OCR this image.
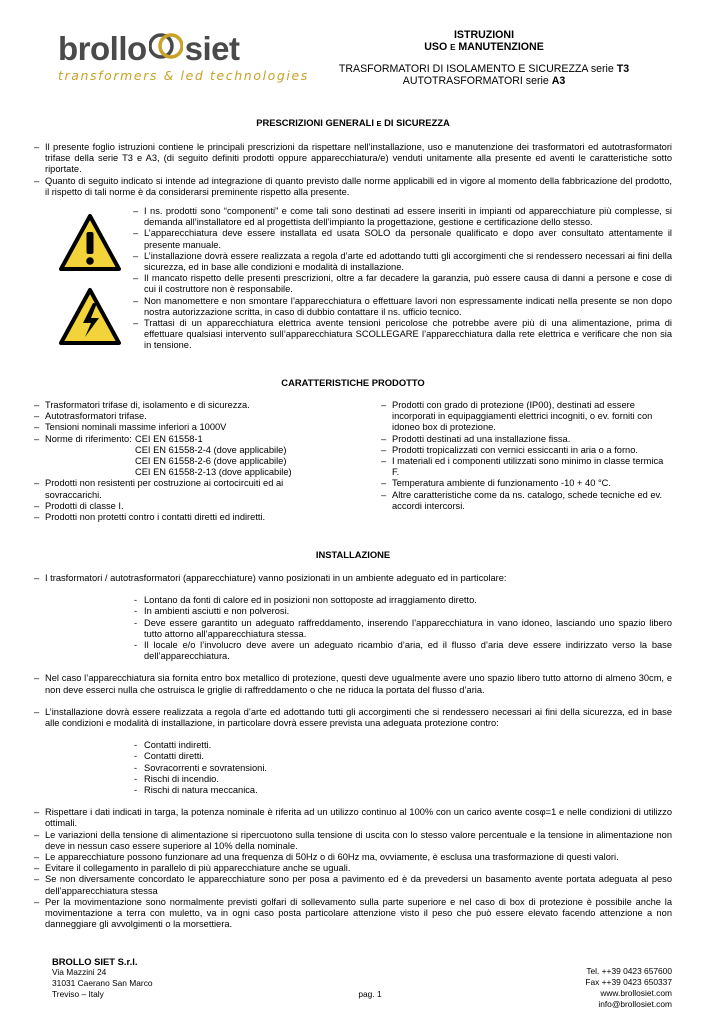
brollo siet
transformers & led technologies
ISTRUZIONI
USO E MANUTENZIONE
TRASFORMATORI DI ISOLAMENTO E SICUREZZA serie T3
AUTOTRASFORMATORI serie A3
PRESCRIZIONI GENERALI E DI SICUREZZA
– Il presente foglio istruzioni contiene le principali prescrizioni da rispettare nell’installazione, uso e manutenzione dei trasformatori ed autotrasformatori trifase della serie T3 e A3, (di seguito definiti prodotti oppure apparecchiatura/e) venduti unitamente alla presente ed aventi le caratteristiche sotto riportate.
– Quanto di seguito indicato si intende ad integrazione di quanto previsto dalle norme applicabili ed in vigore al momento della fabbricazione del prodotto, il rispetto di tali norme è da considerarsi preminente rispetto alla presente.
– I ns. prodotti sono “componenti” e come tali sono destinati ad essere inseriti in impianti od apparecchiature più complesse, si demanda all’installatore ed al progettista dell’impianto la progettazione, gestione e certificazione dello stesso.
– L’apparecchiatura deve essere installata ed usata SOLO da personale qualificato e dopo aver consultato attentamente il presente manuale.
– L’installazione dovrà essere realizzata a regola d’arte ed adottando tutti gli accorgimenti che si rendessero necessari ai fini della sicurezza, ed in base alle condizioni e modalità di installazione.
– Il mancato rispetto delle presenti prescrizioni, oltre a far decadere la garanzia, può essere causa di danni a persone e cose di cui il costruttore non è responsabile.
– Non manomettere e non smontare l’apparecchiatura o effettuare lavori non espressamente indicati nella presente se non dopo nostra autorizzazione scritta, in caso di dubbio contattare il ns. ufficio tecnico.
– Trattasi di un apparecchiatura elettrica avente tensioni pericolose che potrebbe avere più di una alimentazione, prima di effettuare qualsiasi intervento sull’apparecchiatura SCOLLEGARE l’apparecchiatura dalla rete elettrica e verificare che non sia in tensione.
CARATTERISTICHE PRODOTTO
– Trasformatori trifase di, isolamento e di sicurezza.
– Autotrasformatori trifase.
– Tensioni nominali massime inferiori a 1000V
– Norme di riferimento: CEI EN 61558-1
CEI EN 61558-2-4 (dove applicabile)
CEI EN 61558-2-6 (dove applicabile)
CEI EN 61558-2-13 (dove applicabile)
– Prodotti non resistenti per costruzione ai cortocircuiti ed ai sovraccarichi.
– Prodotti di classe I.
– Prodotti non protetti contro i contatti diretti ed indiretti.
– Prodotti con grado di protezione (IP00), destinati ad essere incorporati in equipaggiamenti elettrici incogniti, o ev. forniti con idoneo box di protezione.
– Prodotti destinati ad una installazione fissa.
– Prodotti tropicalizzati con vernici essiccanti in aria o a forno.
– I materiali ed i componenti utilizzati sono minimo in classe termica F.
– Temperatura ambiente di funzionamento -10 + 40 °C.
– Altre caratteristiche come da ns. catalogo, schede tecniche ed ev. accordi intercorsi.
INSTALLAZIONE
– I trasformatori / autotrasformatori (apparecchiature) vanno posizionati in un ambiente adeguato ed in particolare:
- Lontano da fonti di calore ed in posizioni non sottoposte ad irraggiamento diretto.
- In ambienti asciutti e non polverosi.
- Deve essere garantito un adeguato raffreddamento, inserendo l’apparecchiatura in vano idoneo, lasciando uno spazio libero tutto attorno all’apparecchiatura stessa.
- Il locale e/o l’involucro deve avere un adeguato ricambio d’aria, ed il flusso d’aria deve essere indirizzato verso la base dell’apparecchiatura.
– Nel caso l’apparecchiatura sia fornita entro box metallico di protezione, questi deve ugualmente avere uno spazio libero tutto attorno di almeno 30cm, e non deve esserci nulla che ostruisca le griglie di raffreddamento o che ne riduca la portata del flusso d’aria.
– L’installazione dovrà essere realizzata a regola d’arte ed adottando tutti gli accorgimenti che si rendessero necessari ai fini della sicurezza, ed in base alle condizioni e modalità di installazione, in particolare dovrà essere prevista una adeguata protezione contro:
- Contatti indiretti.
- Contatti diretti.
- Sovracorrenti e sovratensioni.
- Rischi di incendio.
- Rischi di natura meccanica.
– Rispettare i dati indicati in targa, la potenza nominale è riferita ad un utilizzo continuo al 100% con un carico avente cosφ=1 e nelle condizioni di utilizzo ottimali.
– Le variazioni della tensione di alimentazione si ripercuotono sulla tensione di uscita con lo stesso valore percentuale e la tensione in alimentazione non deve in nessun caso essere superiore al 10% della nominale.
– Le apparecchiature possono funzionare ad una frequenza di 50Hz o di 60Hz ma, ovviamente, è esclusa una trasformazione di questi valori.
– Evitare il collegamento in parallelo di più apparecchiature anche se uguali.
– Se non diversamente concordato le apparecchiature sono per posa a pavimento ed è da prevedersi un basamento avente portata adeguata al peso dell’apparecchiatura stessa
– Per la movimentazione sono normalmente previsti golfari di sollevamento sulla parte superiore e nel caso di box di protezione è possibile anche la movimentazione a terra con muletto, va in ogni caso posta particolare attenzione visto il peso che può essere elevato facendo attenzione a non danneggiare gli avvolgimenti o la morsettiera.
BROLLO SIET S.r.l.
Via Mazzini 24
31031 Caerano San Marco
Treviso – Italy	pag. 1
Tel. ++39 0423 657600
Fax ++39 0423 650337
www.brollosiet.com
info@brollosiet.com
